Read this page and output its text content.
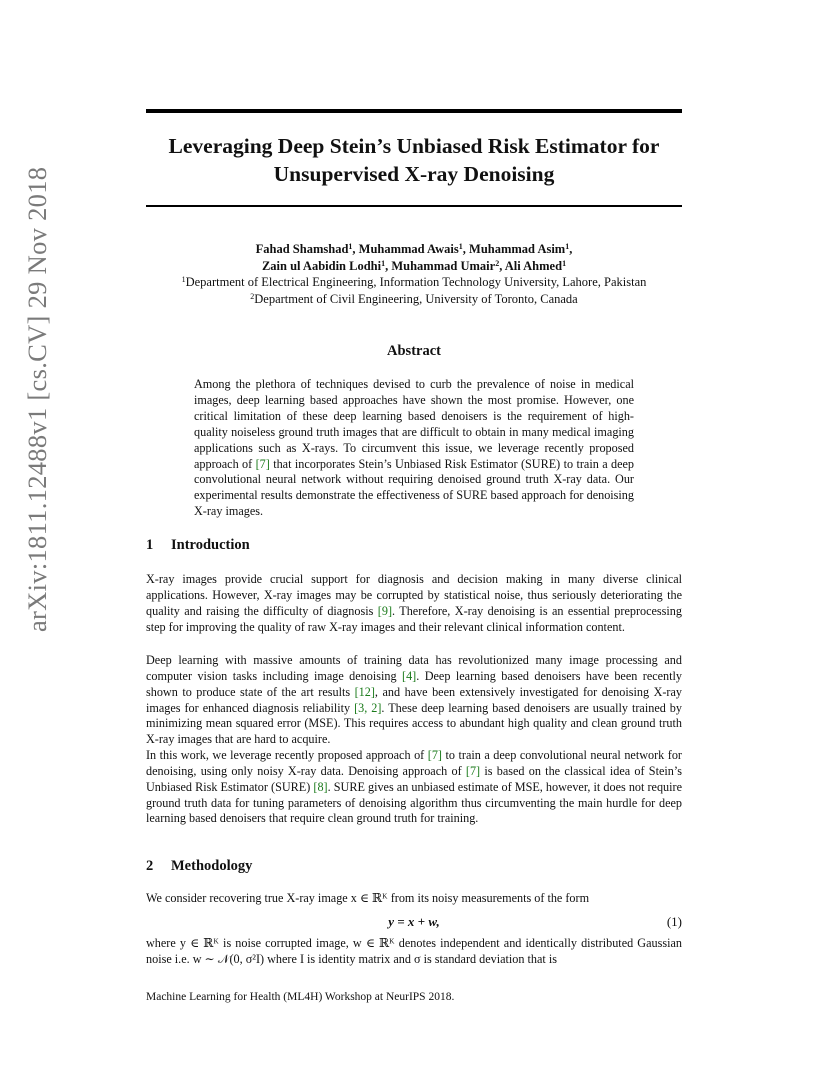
arXiv:1811.12488v1 [cs.CV] 29 Nov 2018
Leveraging Deep Stein’s Unbiased Risk Estimator for
Unsupervised X-ray Denoising
Fahad Shamshad$^1$, Muhammad Awais$^1$, Muhammad Asim$^1$,
Zain ul Aabidin Lodhi$^1$, Muhammad Umair$^2$, Ali Ahmed$^1$
$^1$Department of Electrical Engineering, Information Technology University, Lahore, Pakistan
$^2$Department of Civil Engineering, University of Toronto, Canada
Abstract

Among the plethora of techniques devised to curb the prevalence of noise in medical images, deep learning based approaches have shown the most promise. However, one critical limitation of these deep learning based denoisers is the requirement of high-quality noiseless ground truth images that are difficult to obtain in many medical imaging applications such as X-rays. To circumvent this issue, we leverage recently proposed approach of [7] that incorporates Stein’s Unbiased Risk Estimator (SURE) to train a deep convolutional neural network without requiring denoised ground truth X-ray data. Our experimental results demonstrate the effectiveness of SURE based approach for denoising X-ray images.

1 Introduction

X-ray images provide crucial support for diagnosis and decision making in many diverse clinical applications. However, X-ray images may be corrupted by statistical noise, thus seriously deteriorating the quality and raising the difficulty of diagnosis [9]. Therefore, X-ray denoising is an essential preprocessing step for improving the quality of raw X-ray images and their relevant clinical information content.

Deep learning with massive amounts of training data has revolutionized many image processing and computer vision tasks including image denoising [4]. Deep learning based denoisers have been recently shown to produce state of the art results [12], and have been extensively investigated for denoising X-ray images for enhanced diagnosis reliability [3, 2]. These deep learning based denoisers are usually trained by minimizing mean squared error (MSE). This requires access to abundant high quality and clean ground truth X-ray images that are hard to acquire.

In this work, we leverage recently proposed approach of [7] to train a deep convolutional neural network for denoising, using only noisy X-ray data. Denoising approach of [7] is based on the classical idea of Stein’s Unbiased Risk Estimator (SURE) [8]. SURE gives an unbiased estimate of MSE, however, it does not require ground truth data for tuning parameters of denoising algorithm thus circumventing the main hurdle for deep learning based denoisers that require clean ground truth for training.

2 Methodology

We consider recovering true X-ray image x ∈ ℝᴷ from its noisy measurements of the form

y = x + w,	(1)

where y ∈ ℝᴷ is noise corrupted image, w ∈ ℝᴷ denotes independent and identically distributed Gaussian noise i.e. w ∼ 𝒩(0, σ²I) where I is identity matrix and σ is standard deviation that is

Machine Learning for Health (ML4H) Workshop at NeurIPS 2018.
